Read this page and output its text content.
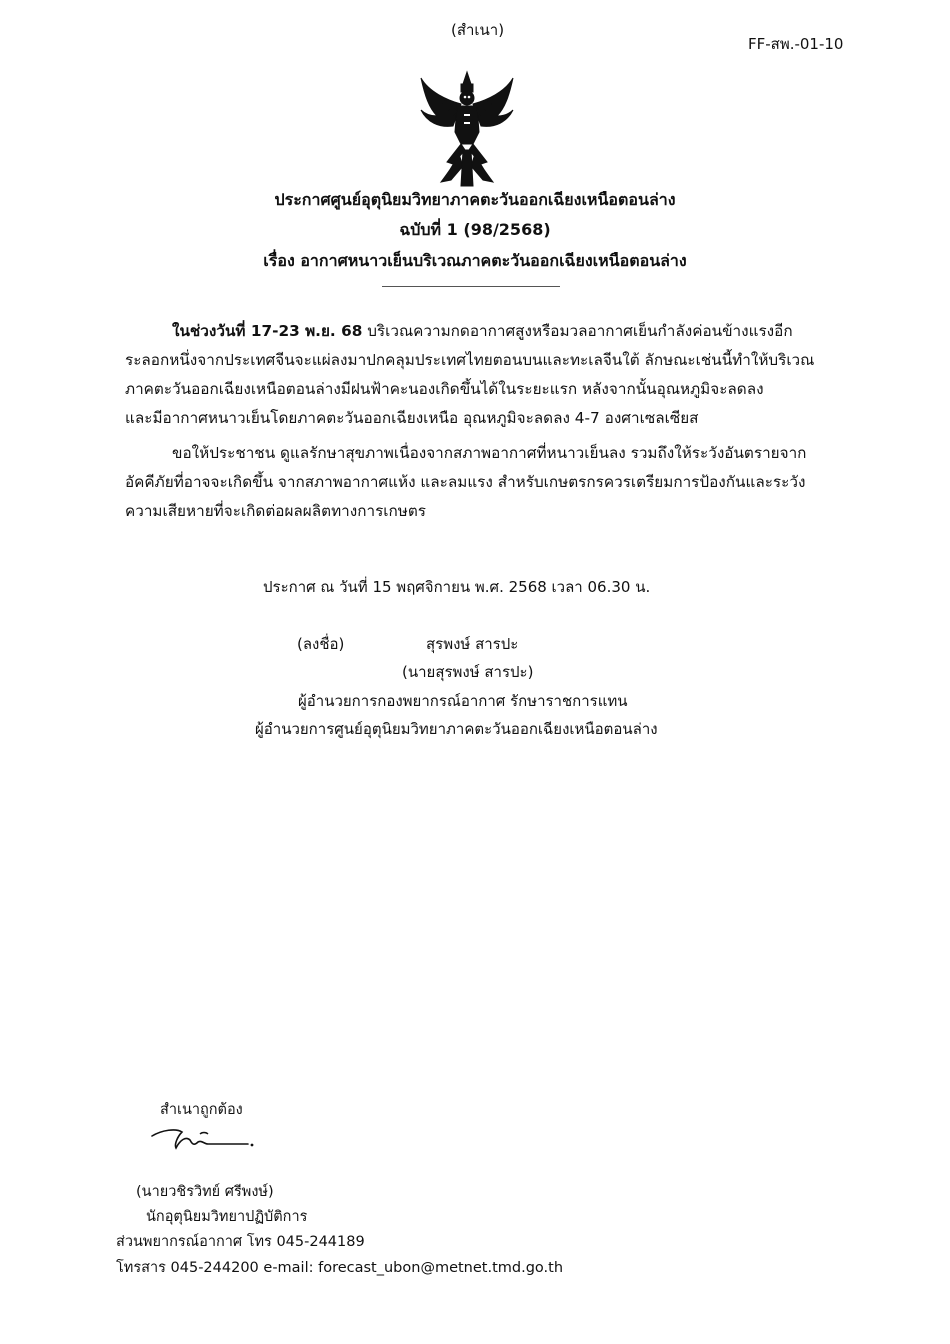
(สำเนา)
FF-สพ.-01-10
ประกาศศูนย์อุตุนิยมวิทยาภาคตะวันออกเฉียงเหนือตอนล่าง
ฉบับที่ 1 (98/2568)
เรื่อง อากาศหนาวเย็นบริเวณภาคตะวันออกเฉียงเหนือตอนล่าง
ในช่วงวันที่ 17-23 พ.ย. 68 บริเวณความกดอากาศสูงหรือมวลอากาศเย็นกำลังค่อนข้างแรงอีก
ระลอกหนึ่งจากประเทศจีนจะแผ่ลงมาปกคลุมประเทศไทยตอนบนและทะเลจีนใต้ ลักษณะเช่นนี้ทำให้บริเวณ
ภาคตะวันออกเฉียงเหนือตอนล่างมีฝนฟ้าคะนองเกิดขึ้นได้ในระยะแรก หลังจากนั้นอุณหภูมิจะลดลง
และมีอากาศหนาวเย็นโดยภาคตะวันออกเฉียงเหนือ อุณหภูมิจะลดลง 4-7 องศาเซลเซียส
ขอให้ประชาชน ดูแลรักษาสุขภาพเนื่องจากสภาพอากาศที่หนาวเย็นลง รวมถึงให้ระวังอันตรายจาก
อัคคีภัยที่อาจจะเกิดขึ้น จากสภาพอากาศแห้ง และลมแรง สำหรับเกษตรกรควรเตรียมการป้องกันและระวัง
ความเสียหายที่จะเกิดต่อผลผลิตทางการเกษตร
ประกาศ ณ วันที่ 15 พฤศจิกายน พ.ศ. 2568 เวลา 06.30 น.
(ลงชื่อ)	สุรพงษ์ สารปะ
(นายสุรพงษ์ สารปะ)
ผู้อำนวยการกองพยากรณ์อากาศ รักษาราชการแทน
ผู้อำนวยการศูนย์อุตุนิยมวิทยาภาคตะวันออกเฉียงเหนือตอนล่าง
สำเนาถูกต้อง
(นายวชิรวิทย์ ศรีพงษ์)
นักอุตุนิยมวิทยาปฏิบัติการ
ส่วนพยากรณ์อากาศ โทร 045-244189
โทรสาร 045-244200 e-mail: forecast_ubon@metnet.tmd.go.th
